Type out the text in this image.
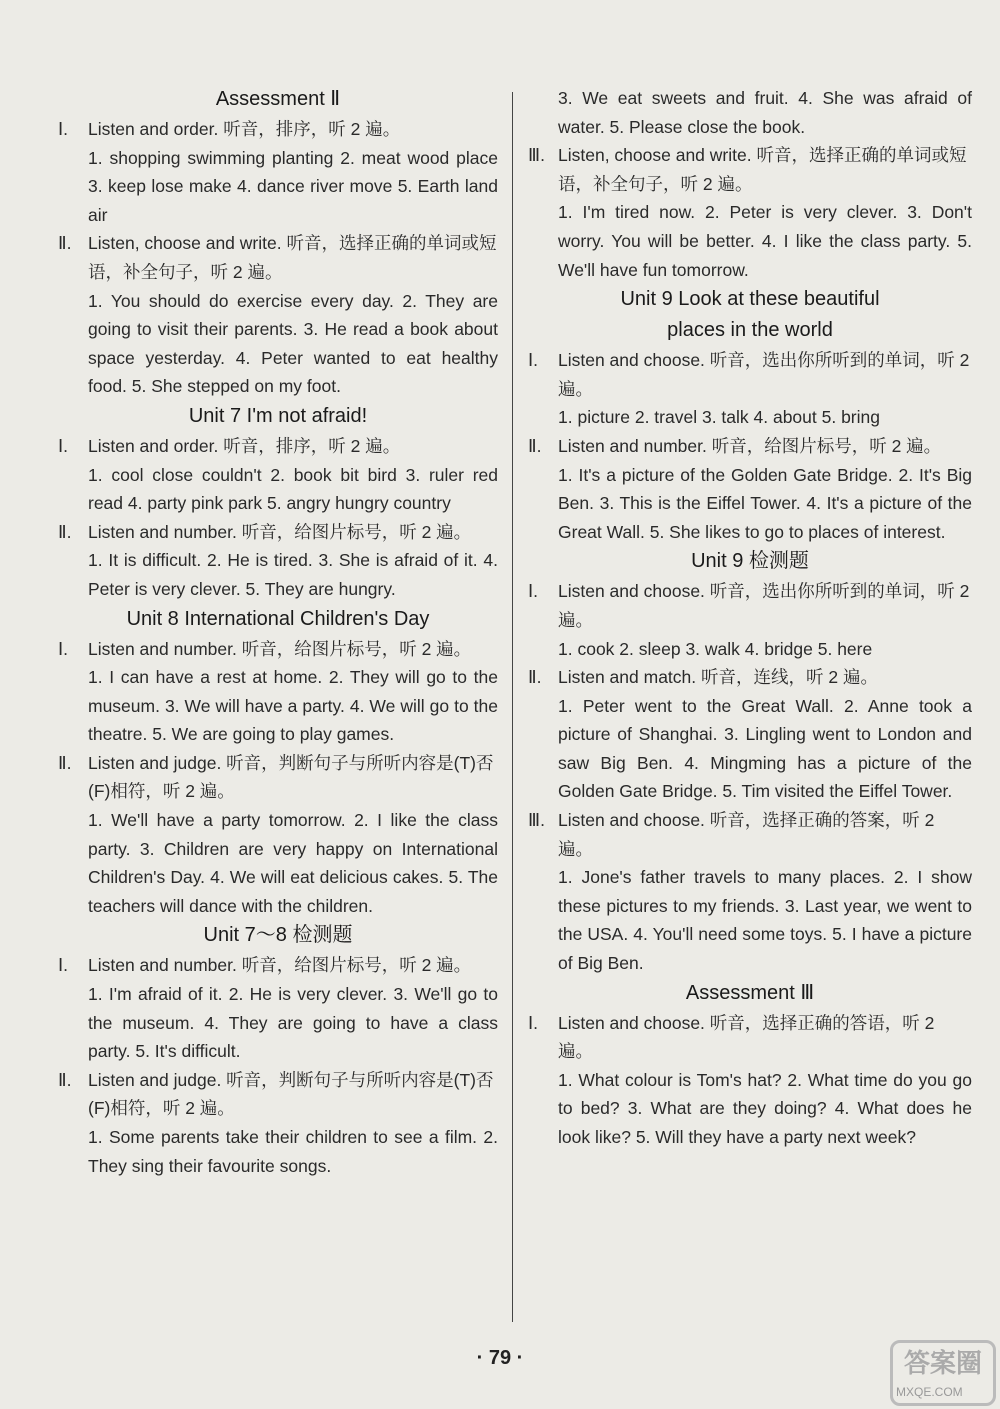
Assessment Ⅱ
Ⅰ.	Listen and order. 听音，排序，听 2 遍。
1. shopping swimming planting 2. meat wood place 3. keep lose make 4. dance river move 5. Earth land air
Ⅱ. Listen, choose and write. 听音，选择正确的单词或短语，补全句子，听 2 遍。
1. You should do exercise every day. 2. They are going to visit their parents. 3. He read a book about space yesterday. 4. Peter wanted to eat healthy food. 5. She stepped on my foot.
Unit 7 I'm not afraid!
Ⅰ.	Listen and order. 听音，排序，听 2 遍。
1. cool close couldn't 2. book bit bird 3. ruler red read 4. party pink park 5. angry hungry country
Ⅱ. Listen and number. 听音，给图片标号，听 2 遍。
1. It is difficult. 2. He is tired. 3. She is afraid of it. 4. Peter is very clever. 5. They are hungry.
Unit 8 International Children's Day
Ⅰ.	Listen and number. 听音，给图片标号，听 2 遍。
1. I can have a rest at home. 2. They will go to the museum. 3. We will have a party. 4. We will go to the theatre. 5. We are going to play games.
Ⅱ. Listen and judge. 听音，判断句子与所听内容是(T)否(F)相符，听 2 遍。
1. We'll have a party tomorrow. 2. I like the class party. 3. Children are very happy on International Children's Day. 4. We will eat delicious cakes. 5. The teachers will dance with the children.
Unit 7～8 检测题
Ⅰ.	Listen and number. 听音，给图片标号，听 2 遍。
1. I'm afraid of it. 2. He is very clever. 3. We'll go to the museum. 4. They are going to have a class party. 5. It's difficult.
Ⅱ. Listen and judge. 听音，判断句子与所听内容是(T)否(F)相符，听 2 遍。
1. Some parents take their children to see a film. 2. They sing their favourite songs.
3. We eat sweets and fruit. 4. She was afraid of water. 5. Please close the book.
Ⅲ. Listen, choose and write. 听音，选择正确的单词或短语，补全句子，听 2 遍。
1. I'm tired now. 2. Peter is very clever. 3. Don't worry. You will be better. 4. I like the class party. 5. We'll have fun tomorrow.
Unit 9 Look at these beautiful
places in the world
Ⅰ.	Listen and choose. 听音，选出你所听到的单词，听 2 遍。
1. picture 2. travel 3. talk 4. about 5. bring
Ⅱ. Listen and number. 听音，给图片标号，听 2 遍。
1. It's a picture of the Golden Gate Bridge. 2. It's Big Ben. 3. This is the Eiffel Tower. 4. It's a picture of the Great Wall. 5. She likes to go to places of interest.
Unit 9 检测题
Ⅰ.	Listen and choose. 听音，选出你所听到的单词，听 2 遍。
1. cook 2. sleep 3. walk 4. bridge 5. here
Ⅱ. Listen and match. 听音，连线，听 2 遍。
1. Peter went to the Great Wall. 2. Anne took a picture of Shanghai. 3. Lingling went to London and saw Big Ben. 4. Mingming has a picture of the Golden Gate Bridge. 5. Tim visited the Eiffel Tower.
Ⅲ. Listen and choose. 听音，选择正确的答案，听 2 遍。
1. Jone's father travels to many places. 2. I show these pictures to my friends. 3. Last year, we went to the USA. 4. You'll need some toys. 5. I have a picture of Big Ben.
Assessment Ⅲ
Ⅰ.	Listen and choose. 听音，选择正确的答语，听 2 遍。
1. What colour is Tom's hat? 2. What time do you go to bed? 3. What are they doing? 4. What does he look like? 5. Will they have a party next week?
· 79 ·	答案圈
MXQE.COM
